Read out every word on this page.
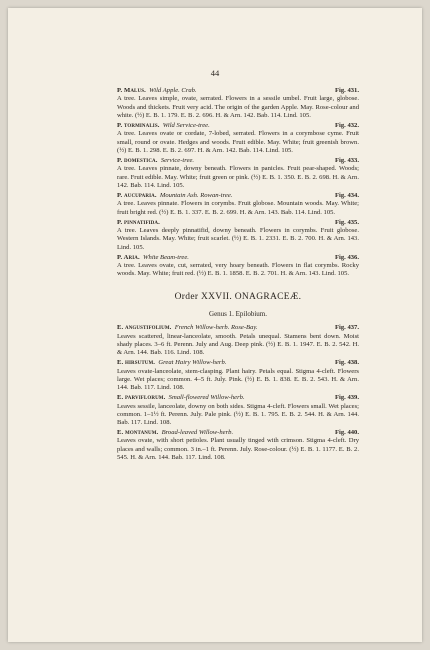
44
P. Malus. Wild Apple. Crab.	Fig. 431.
A tree. Leaves simple, ovate, serrated. Flowers in a sessile umbel. Fruit large, globose. Woods and thickets. Fruit very acid. The origin of the garden Apple. May. Rose-colour and white. (½) E. B. 1. 179. E. B. 2. 696. H. & Arn. 142. Bab. 114. Lind. 105.
P. torminalis. Wild Service-tree.	Fig. 432.
A tree. Leaves ovate or cordate, 7-lobed, serrated. Flowers in a corymbose cyme. Fruit small, round or ovate. Hedges and woods. Fruit edible. May. White; fruit greenish brown. (½) E. B. 1. 298. E. B. 2. 697. H. & Arn. 142. Bab. 114. Lind. 105.
P. domestica. Service-tree.	Fig. 433.
A tree. Leaves pinnate, downy beneath. Flowers in panicles. Fruit pear-shaped. Woods; rare. Fruit edible. May. White; fruit green or pink. (½) E. B. 1. 350. E. B. 2. 698. H. & Arn. 142. Bab. 114. Lind. 105.
P. aucuparia. Mountain Ash. Rowan-tree.	Fig. 434.
A tree. Leaves pinnate. Flowers in corymbs. Fruit globose. Mountain woods. May. White; fruit bright red. (½) E. B. 1. 337. E. B. 2. 699. H. & Arn. 143. Bab. 114. Lind. 105.
P. pinnatifida.	Fig. 435.
A tree. Leaves deeply pinnatifid, downy beneath. Flowers in corymbs. Fruit globose. Western Islands. May. White; fruit scarlet. (½) E. B. 1. 2331. E. B. 2. 700. H. & Arn. 143. Lind. 105.
P. Aria. White Beam-tree.	Fig. 436.
A tree. Leaves ovate, cut, serrated, very hoary beneath. Flowers in flat corymbs. Rocky woods. May. White; fruit red. (½) E. B. 1. 1858. E. B. 2. 701. H. & Arn. 143. Lind. 105.
Order XXVII. ONAGRACEÆ.
Genus 1. Epilobium.
E. angustifolium. French Willow-herb. Rose-Bay.	Fig. 437.
Leaves scattered, linear-lanceolate, smooth. Petals unequal. Stamens bent down. Moist shady places. 3–6 ft. Perenn. July and Aug. Deep pink. (½) E. B. 1. 1947. E. B. 2. 542. H. & Arn. 144. Bab. 116. Lind. 108.
E. hirsutum. Great Hairy Willow-herb.	Fig. 438.
Leaves ovate-lanceolate, stem-clasping. Plant hairy. Petals equal. Stigma 4-cleft. Flowers large. Wet places; common. 4–5 ft. July. Pink. (½) E. B. 1. 838. E. B. 2. 543. H. & Arn. 144. Bab. 117. Lind. 108.
E. parviflorum. Small-flowered Willow-herb.	Fig. 439.
Leaves sessile, lanceolate, downy on both sides. Stigma 4-cleft. Flowers small. Wet places; common. 1–1½ ft. Perenn. July. Pale pink. (½) E. B. 1. 795. E. B. 2. 544. H. & Arn. 144. Bab. 117. Lind. 108.
E. montanum. Broad-leaved Willow-herb.	Fig. 440.
Leaves ovate, with short petioles. Plant usually tinged with crimson. Stigma 4-cleft. Dry places and walls; common. 3 in.–1 ft. Perenn. July. Rose-colour. (½) E. B. 1. 1177. E. B. 2. 545. H. & Arn. 144. Bab. 117. Lind. 108.
